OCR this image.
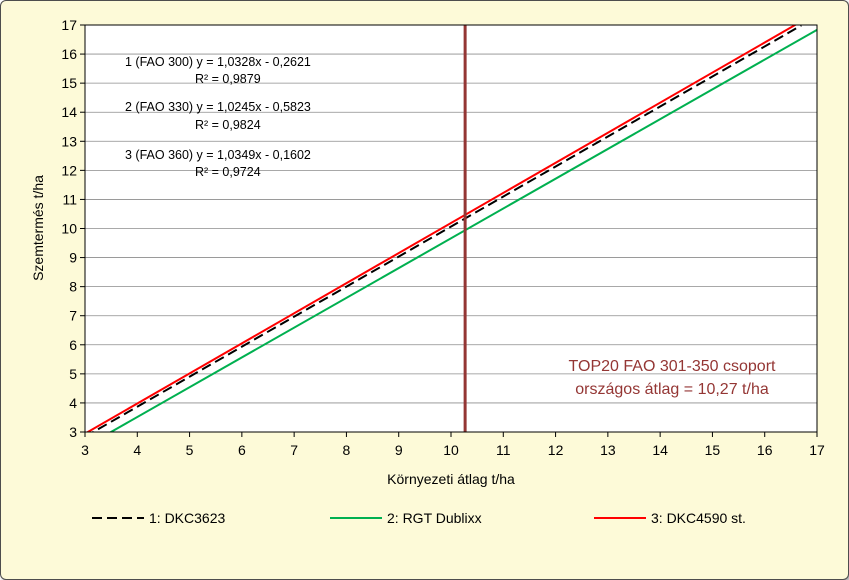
3
4
5
6
7
8
9
10
11
12
13
14
15
16
17
3	4	5	6	7	8	9	10	11	12	13	14	15	16	17
1 (FAO 300) y = 1,0328x - 0,2621
R² = 0,9879
2 (FAO 330) y = 1,0245x - 0,5823
R² = 0,9824
3 (FAO 360) y = 1,0349x - 0,1602
R² = 0,9724
TOP20 FAO 301-350 csoport
országos átlag = 10,27 t/ha
Környezeti átlag t/ha
Szemtermés t/ha
1: DKC3623	2: RGT Dublixx	3: DKC4590 st.
